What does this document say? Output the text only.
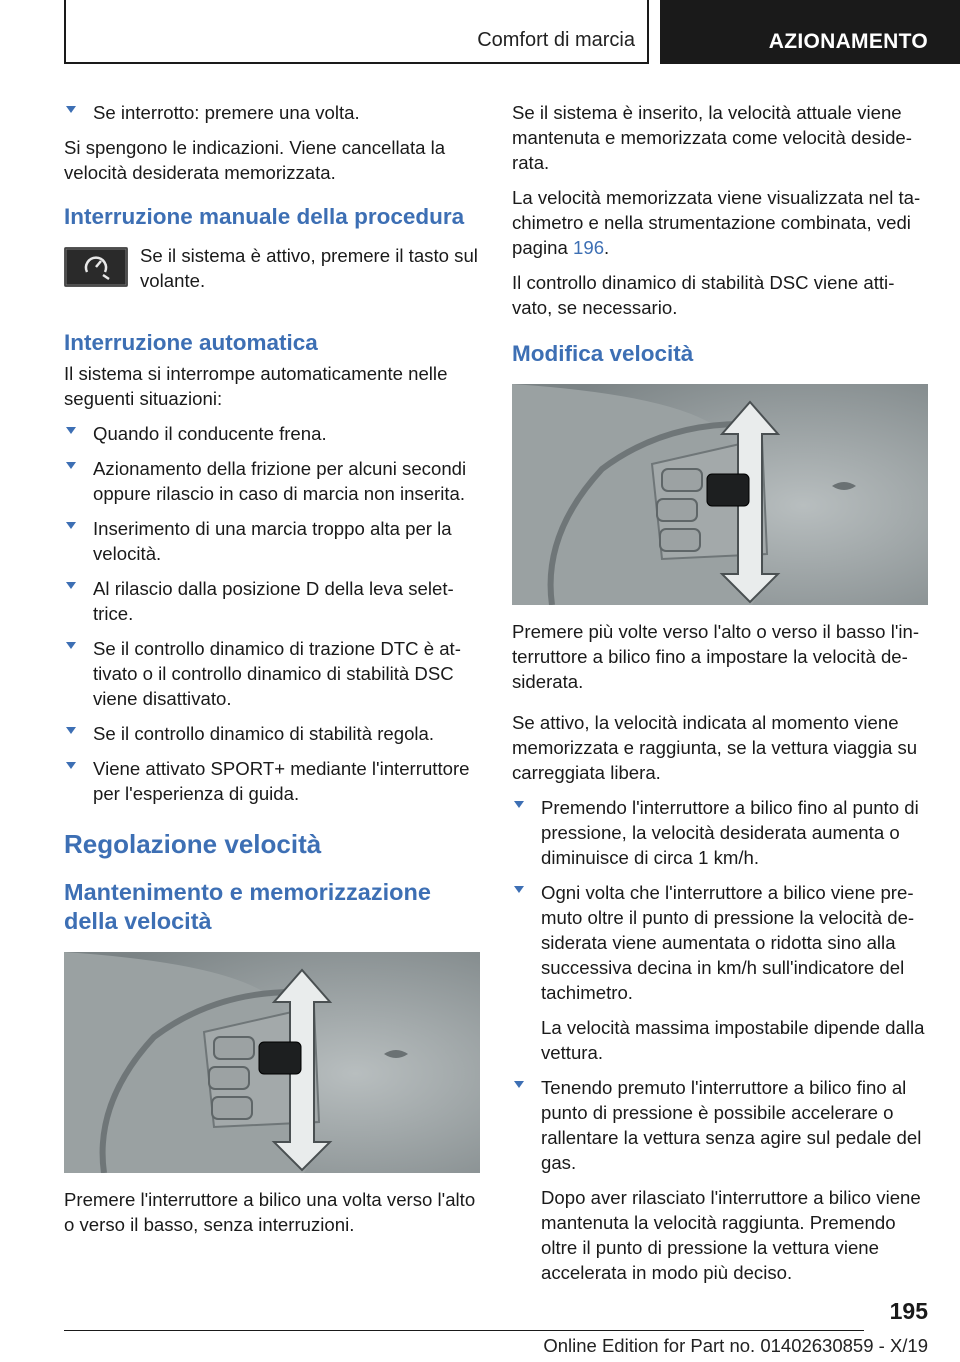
Comfort di marcia	AZIONAMENTO
Se interrotto: premere una volta.

Si spengono le indicazioni. Viene cancellata la velocità desiderata memorizzata.

Interruzione manuale della procedura
Se il sistema è attivo, premere il tasto sul volante.
Interruzione automatica

Il sistema si interrompe automaticamente nelle seguenti situazioni:

Quando il conducente frena.
Azionamento della frizione per alcuni secondi oppure rilascio in caso di marcia non inserita.
Inserimento di una marcia troppo alta per la velocità.
Al rilascio dalla posizione D della leva selettrice.
Se il controllo dinamico di trazione DTC è attivato o il controllo dinamico di stabilità DSC viene disattivato.
Se il controllo dinamico di stabilità regola.
Viene attivato SPORT+ mediante l'interruttore per l'esperienza di guida.
Regolazione velocità
Mantenimento e memorizzazione della velocità

Premere l'interruttore a bilico una volta verso l'alto o verso il basso, senza interruzioni.

Se il sistema è inserito, la velocità attuale viene mantenuta e memorizzata come velocità desiderata.

La velocità memorizzata viene visualizzata nel tachimetro e nella strumentazione combinata, vedi pagina 196.

Il controllo dinamico di stabilità DSC viene attivato, se necessario.

Modifica velocità

Premere più volte verso l'alto o verso il basso l'interruttore a bilico fino a impostare la velocità desiderata.

Se attivo, la velocità indicata al momento viene memorizzata e raggiunta, se la vettura viaggia su carreggiata libera.

Premendo l'interruttore a bilico fino al punto di pressione, la velocità desiderata aumenta o diminuisce di circa 1 km/h.
Ogni volta che l'interruttore a bilico viene premuto oltre il punto di pressione la velocità desiderata viene aumentata o ridotta sino alla successiva decina in km/h sull'indicatore del tachimetro.
La velocità massima impostabile dipende dalla vettura.
Tenendo premuto l'interruttore a bilico fino al punto di pressione è possibile accelerare o rallentare la vettura senza agire sul pedale del gas.
Dopo aver rilasciato l'interruttore a bilico viene mantenuta la velocità raggiunta. Premendo oltre il punto di pressione la vettura viene accelerata in modo più deciso.
195
Online Edition for Part no. 01402630859 - X/19
